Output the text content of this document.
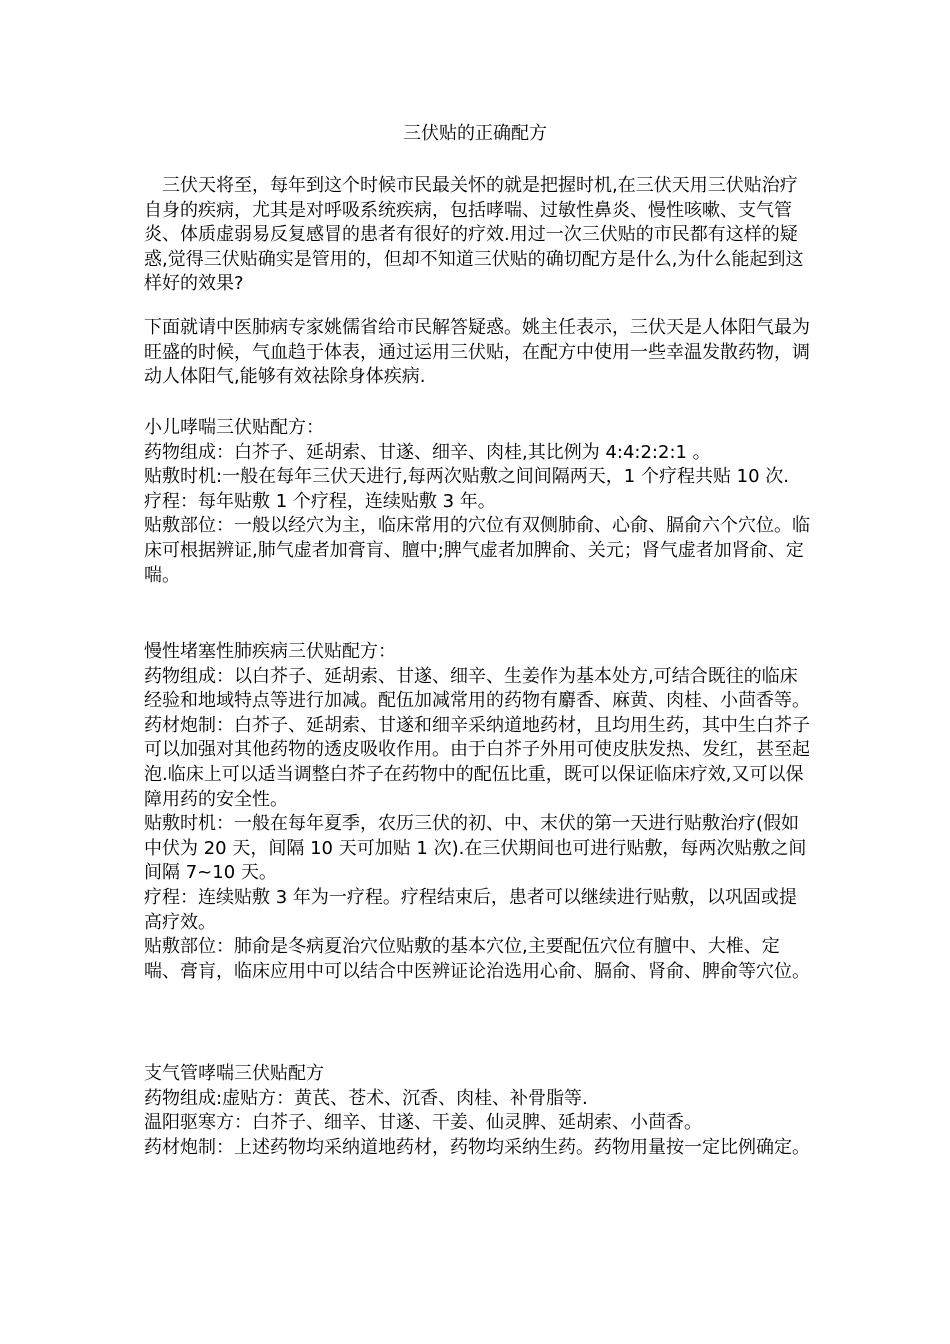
三伏贴的正确配方

三伏天将至，每年到这个时候市民最关怀的就是把握时机,在三伏天用三伏贴治疗自身的疾病，尤其是对呼吸系统疾病，包括哮喘、过敏性鼻炎、慢性咳嗽、支气管炎、体质虚弱易反复感冒的患者有很好的疗效.用过一次三伏贴的市民都有这样的疑惑,觉得三伏贴确实是管用的，但却不知道三伏贴的确切配方是什么,为什么能起到这样好的效果?

下面就请中医肺病专家姚儒省给市民解答疑惑。姚主任表示，三伏天是人体阳气最为旺盛的时候，气血趋于体表，通过运用三伏贴，在配方中使用一些幸温发散药物，调动人体阳气,能够有效祛除身体疾病.

小儿哮喘三伏贴配方：

药物组成：白芥子、延胡索、甘遂、细辛、肉桂,其比例为 4:4:2:2:1 。

贴敷时机:一般在每年三伏天进行,每两次贴敷之间间隔两天，1 个疗程共贴 10 次.

疗程：每年贴敷 1 个疗程，连续贴敷 3 年。

贴敷部位：一般以经穴为主，临床常用的穴位有双侧肺俞、心俞、膈俞六个穴位。临床可根据辨证,肺气虚者加膏肓、膻中;脾气虚者加脾俞、关元；肾气虚者加肾俞、定喘。

慢性堵塞性肺疾病三伏贴配方：

药物组成：以白芥子、延胡索、甘遂、细辛、生姜作为基本处方,可结合既往的临床经验和地域特点等进行加减。配伍加减常用的药物有麝香、麻黄、肉桂、小茴香等。

药材炮制：白芥子、延胡索、甘遂和细辛采纳道地药材，且均用生药，其中生白芥子可以加强对其他药物的透皮吸收作用。由于白芥子外用可使皮肤发热、发红，甚至起泡.临床上可以适当调整白芥子在药物中的配伍比重，既可以保证临床疗效,又可以保障用药的安全性。

贴敷时机：一般在每年夏季，农历三伏的初、中、末伏的第一天进行贴敷治疗(假如中伏为 20 天，间隔 10 天可加贴 1 次).在三伏期间也可进行贴敷，每两次贴敷之间间隔 7~10 天。

疗程：连续贴敷 3 年为一疗程。疗程结束后，患者可以继续进行贴敷，以巩固或提高疗效。

贴敷部位：肺俞是冬病夏治穴位贴敷的基本穴位,主要配伍穴位有膻中、大椎、定喘、膏肓，临床应用中可以结合中医辨证论治选用心俞、膈俞、肾俞、脾俞等穴位。

支气管哮喘三伏贴配方

药物组成:虚贴方：黄芪、苍术、沉香、肉桂、补骨脂等.

温阳驱寒方：白芥子、细辛、甘遂、干姜、仙灵脾、延胡索、小茴香。

药材炮制：上述药物均采纳道地药材，药物均采纳生药。药物用量按一定比例确定。
